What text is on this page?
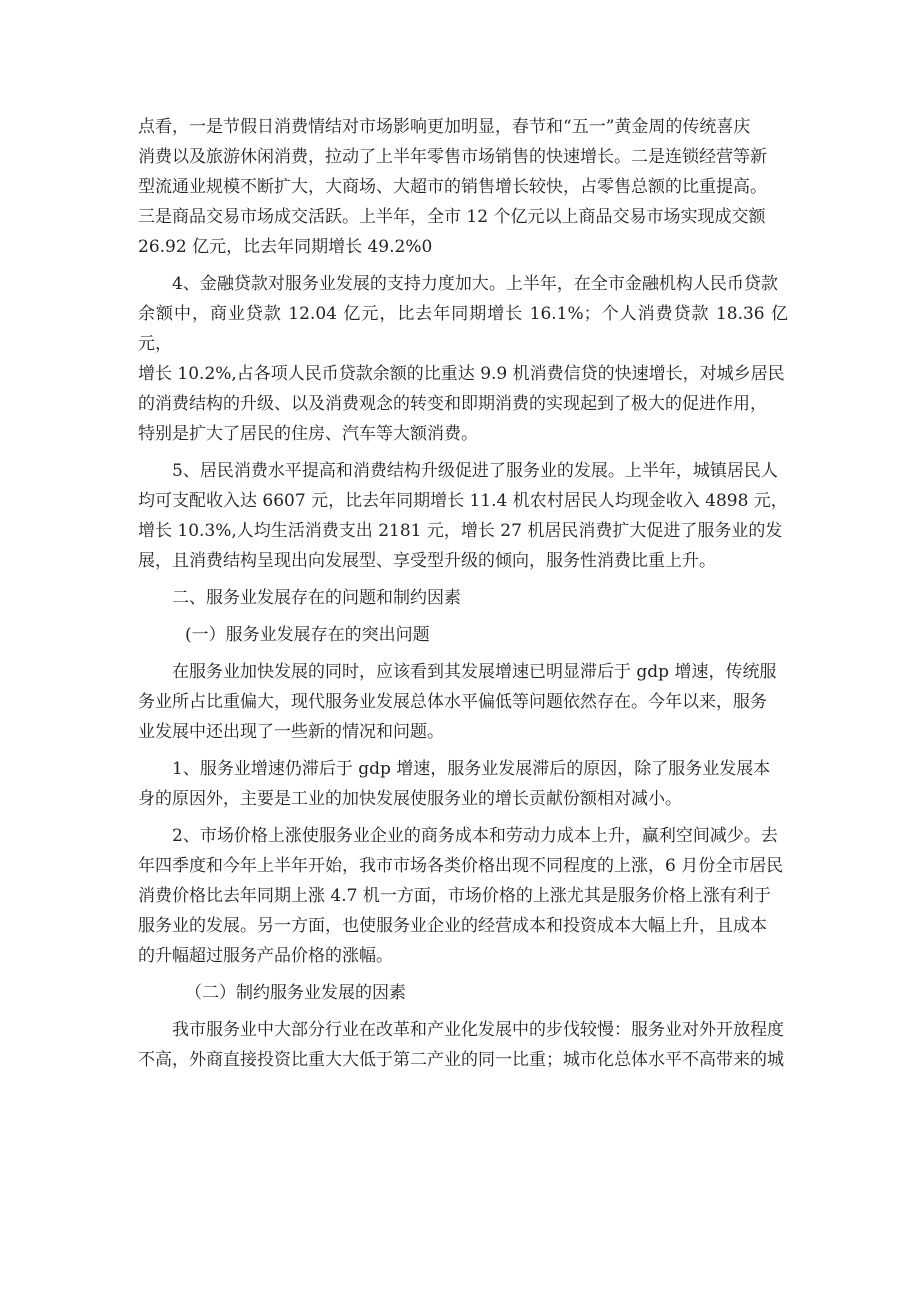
点看，一是节假日消费情结对市场影响更加明显，春节和“五一”黄金周的传统喜庆
消费以及旅游休闲消费，拉动了上半年零售市场销售的快速增长。二是连锁经营等新
型流通业规模不断扩大，大商场、大超市的销售增长较快，占零售总额的比重提高。
三是商品交易市场成交活跃。上半年，全市 12 个亿元以上商品交易市场实现成交额
26.92 亿元，比去年同期增长 49.2%0

4、金融贷款对服务业发展的支持力度加大。上半年，在全市金融机构人民币贷款
余额中，商业贷款 12.04 亿元，比去年同期增长 16.1%；个人消费贷款 18.36 亿元，
增长 10.2%,占各项人民币贷款余额的比重达 9.9 机消费信贷的快速增长，对城乡居民
的消费结构的升级、以及消费观念的转变和即期消费的实现起到了极大的促进作用，
特别是扩大了居民的住房、汽车等大额消费。

5、居民消费水平提高和消费结构升级促进了服务业的发展。上半年，城镇居民人
均可支配收入达 6607 元，比去年同期增长 11.4 机农村居民人均现金收入 4898 元，
增长 10.3%,人均生活消费支出 2181 元，增长 27 机居民消费扩大促进了服务业的发
展，且消费结构呈现出向发展型、享受型升级的倾向，服务性消费比重上升。

二、服务业发展存在的问题和制约因素

(一）服务业发展存在的突出问题

在服务业加快发展的同时，应该看到其发展增速已明显滞后于 gdp 增速，传统服
务业所占比重偏大，现代服务业发展总体水平偏低等问题依然存在。今年以来，服务
业发展中还出现了一些新的情况和问题。

1、服务业增速仍滞后于 gdp 增速，服务业发展滞后的原因，除了服务业发展本
身的原因外，主要是工业的加快发展使服务业的增长贡献份额相对减小。

2、市场价格上涨使服务业企业的商务成本和劳动力成本上升，赢利空间减少。去
年四季度和今年上半年开始，我市市场各类价格出现不同程度的上涨，6 月份全市居民
消费价格比去年同期上涨 4.7 机一方面，市场价格的上涨尤其是服务价格上涨有利于
服务业的发展。另一方面，也使服务业企业的经营成本和投资成本大幅上升，且成本
的升幅超过服务产品价格的涨幅。

（二）制约服务业发展的因素

我市服务业中大部分行业在改革和产业化发展中的步伐较慢：服务业对外开放程度
不高，外商直接投资比重大大低于第二产业的同一比重；城市化总体水平不高带来的城
